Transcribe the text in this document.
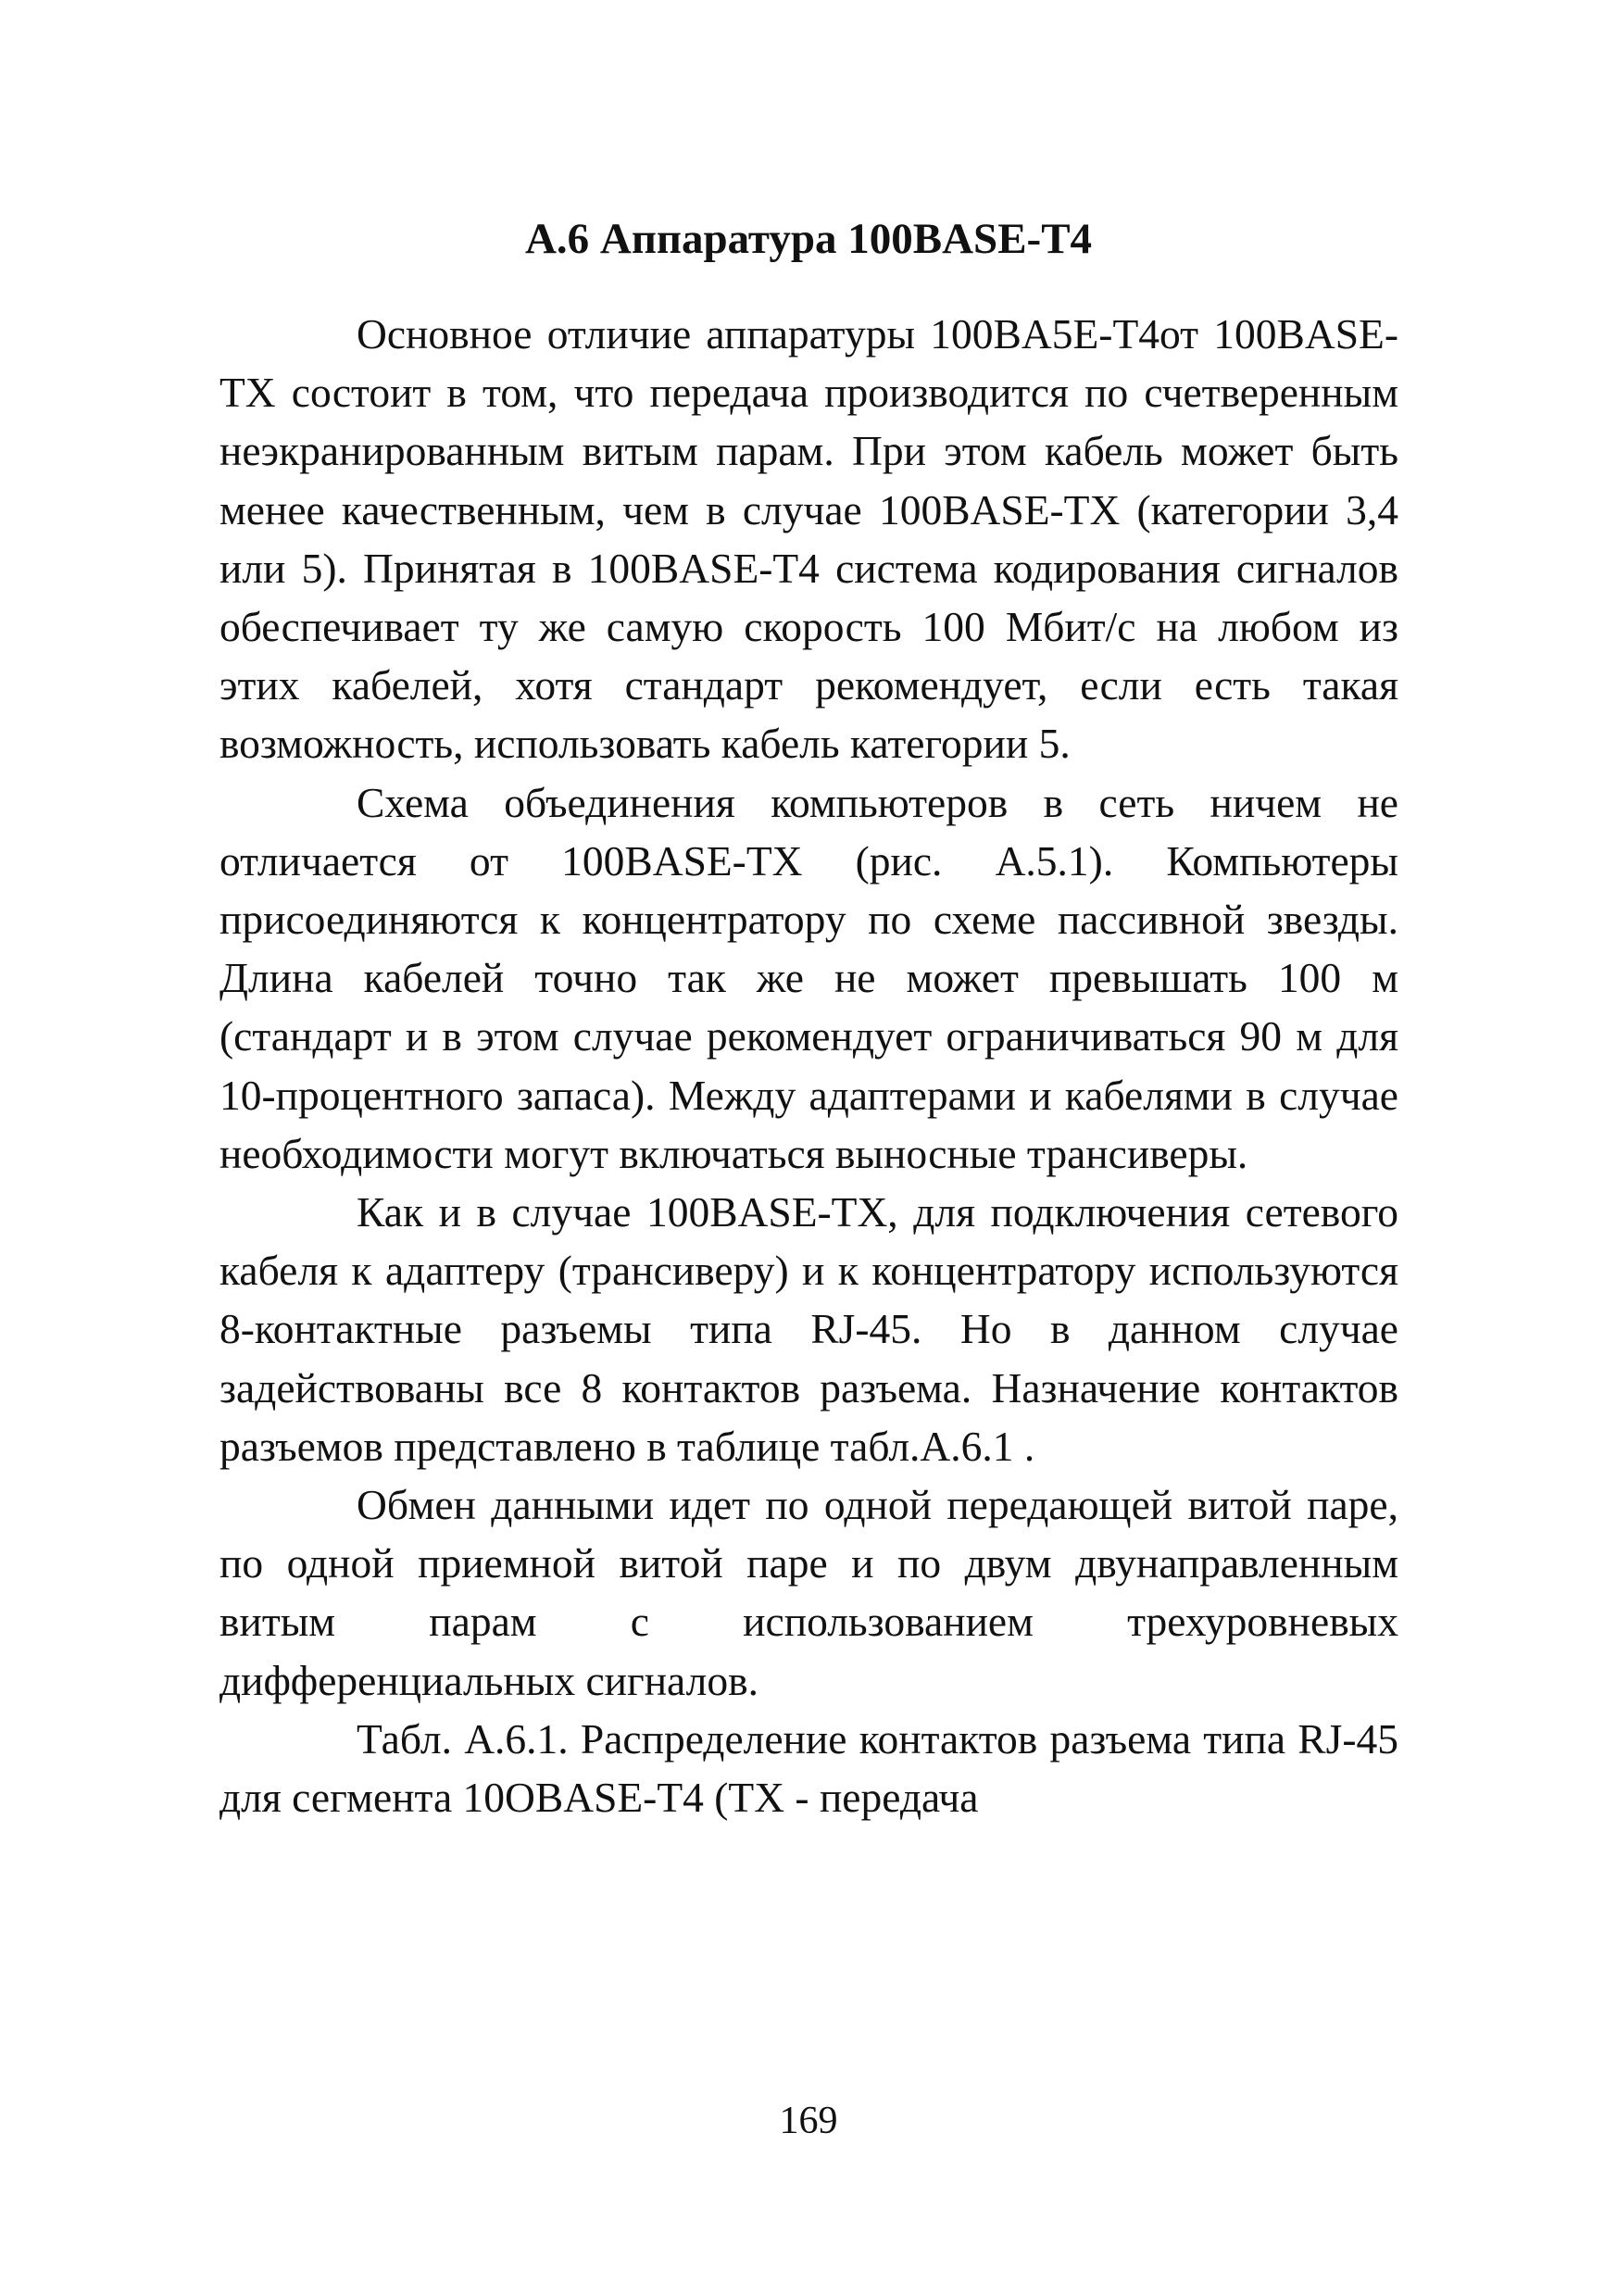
А.6 Аппаратура 100BASE-T4

Основное отличие аппаратуры 100BA5E-T4от 100BASE-TX состоит в том, что передача производится по счетверенным неэкранированным витым парам. При этом кабель может быть менее качественным, чем в случае 100BASE-TX (категории 3,4 или 5). Принятая в 100BASE-T4 система кодирования сигналов обеспечивает ту же самую скорость 100 Мбит/с на любом из этих кабелей, хотя стандарт рекомендует, если есть такая возможность, использовать кабель категории 5.

Схема объединения компьютеров в сеть ничем не отличается от 100BASE-TX (рис. А.5.1). Компьютеры присоединяются к концентратору по схеме пассивной звезды. Длина кабелей точно так же не может превышать 100 м (стандарт и в этом случае рекомендует ограничиваться 90 м для 10-процентного запаса). Между адаптерами и кабелями в случае необходимости могут включаться выносные трансиверы.

Как и в случае 100BASE-TX, для подключения сетевого кабеля к адаптеру (трансиверу) и к концентратору используются 8-контактные разъемы типа RJ-45. Но в данном случае задействованы все 8 контактов разъема. Назначение контактов разъемов представлено в таблице табл.А.6.1 .

Обмен данными идет по одной передающей витой паре, по одной приемной витой паре и по двум двунаправленным витым парам с использованием трехуровневых дифференциальных сигналов.

Табл. А.6.1. Распределение контактов разъема типа RJ-45 для сегмента 10OBASE-T4 (TX - передача

169
